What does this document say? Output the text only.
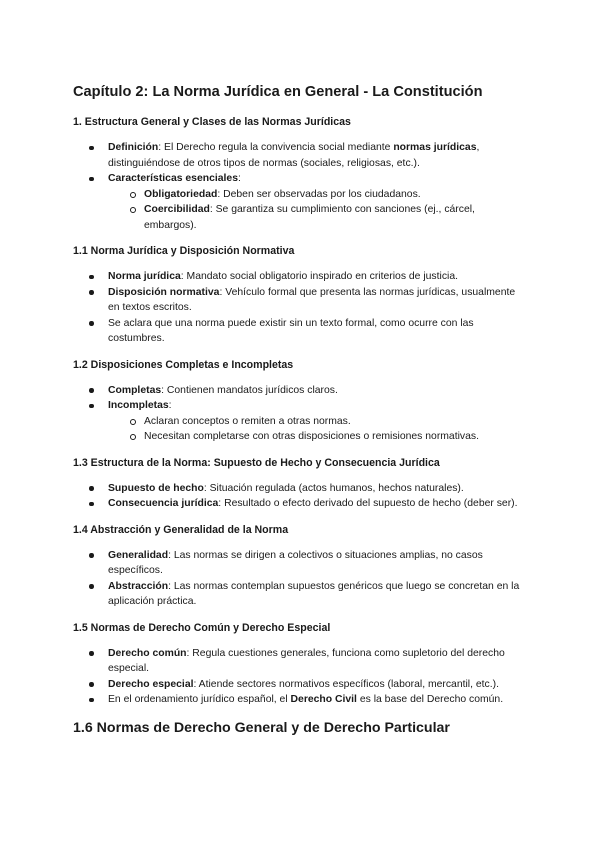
Capítulo 2: La Norma Jurídica en General - La Constitución
1. Estructura General y Clases de las Normas Jurídicas
Definición: El Derecho regula la convivencia social mediante normas jurídicas, distinguiéndose de otros tipos de normas (sociales, religiosas, etc.).
Características esenciales:
Obligatoriedad: Deben ser observadas por los ciudadanos.
Coercibilidad: Se garantiza su cumplimiento con sanciones (ej., cárcel, embargos).
1.1 Norma Jurídica y Disposición Normativa
Norma jurídica: Mandato social obligatorio inspirado en criterios de justicia.
Disposición normativa: Vehículo formal que presenta las normas jurídicas, usualmente en textos escritos.
Se aclara que una norma puede existir sin un texto formal, como ocurre con las costumbres.
1.2 Disposiciones Completas e Incompletas
Completas: Contienen mandatos jurídicos claros.
Incompletas:
Aclaran conceptos o remiten a otras normas.
Necesitan completarse con otras disposiciones o remisiones normativas.
1.3 Estructura de la Norma: Supuesto de Hecho y Consecuencia Jurídica
Supuesto de hecho: Situación regulada (actos humanos, hechos naturales).
Consecuencia jurídica: Resultado o efecto derivado del supuesto de hecho (deber ser).
1.4 Abstracción y Generalidad de la Norma
Generalidad: Las normas se dirigen a colectivos o situaciones amplias, no casos específicos.
Abstracción: Las normas contemplan supuestos genéricos que luego se concretan en la aplicación práctica.
1.5 Normas de Derecho Común y Derecho Especial
Derecho común: Regula cuestiones generales, funciona como supletorio del derecho especial.
Derecho especial: Atiende sectores normativos específicos (laboral, mercantil, etc.).
En el ordenamiento jurídico español, el Derecho Civil es la base del Derecho común.
1.6 Normas de Derecho General y de Derecho Particular
